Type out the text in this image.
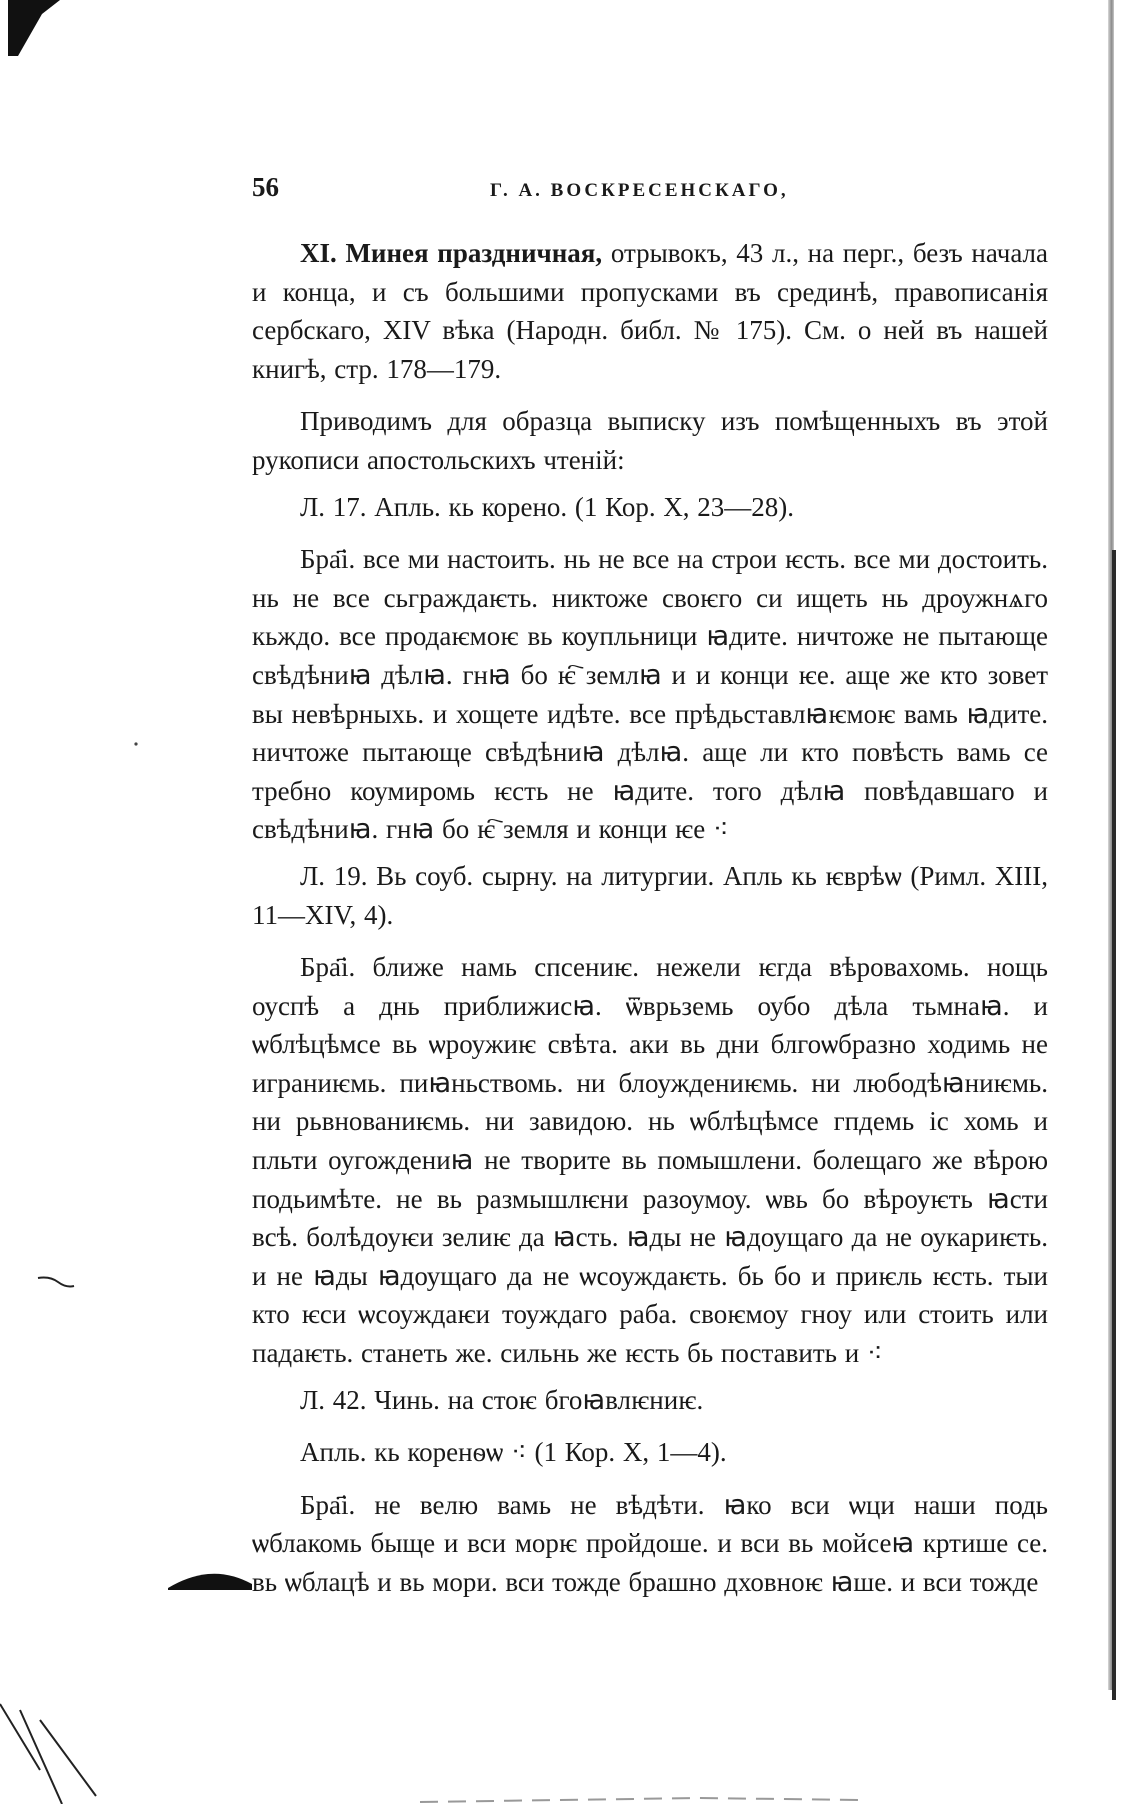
56	Г. А. ВОСКРЕСЕНСКАГО,

XI. Минея праздничная, отрывокъ, 43 л., на перг., безъ начала и конца, и съ большими пропусками въ срединѣ, правописанія сербскаго, XIV вѣка (Народн. библ. № 175). См. о ней въ нашей книгѣ, стр. 178—179.

Приводимъ для образца выписку изъ помѣщенныхъ въ этой рукописи апостольскихъ чтеній:

Л. 17. Апль. кь корено. (1 Кор. X, 23—28).

Бра҃і. все ми настоить. нь не все на строи ѥсть. все ми достоить. нь не все сьграждаѥть. никтоже своѥго си ищеть нь дроужнѧго кьждо. все продаѥмоѥ вь коупльници ꙗдите. ничтоже не пытающе свѣдѣниꙗ дѣлꙗ. гнꙗ бо ѥ҇ землꙗ и и конци ѥе. аще же кто зовет вы невѣрныхь. и хощете идѣте. все прѣдьставлꙗѥмоѥ вамь ꙗдите. ничтоже пытающе свѣдѣниꙗ дѣлꙗ. аще ли кто повѣсть вамь се требно коумиромь ѥсть не ꙗдите. того дѣлꙗ повѣдавшаго и свѣдѣниꙗ. гнꙗ бо ѥ҇ земля и конци ѥе ⁖

Л. 19. Вь соуб. сырну. на литургии. Апль кь ѥврѣѡ (Римл. XIII, 11—XIV, 4).

Бра҃і. ближе намь спсениѥ. нежели ѥгда вѣровахомь. нощь оуспѣ а днь приближисꙗ. ѿврьземь оубо дѣла тьмнаꙗ. и ѡблѣцѣмсе вь ѡроужиѥ свѣта. аки вь дни блгоѡбразно ходимь не играниѥмь. пиꙗньствомь. ни блоуждениѥмь. ни любодѣꙗниѥмь. ни рьвнованиѥмь. ни завидою. нь ѡблѣцѣмсе гпдемь іс хомь и пльти оугождениꙗ не творите вь помышлени. болещаго же вѣрою подьимѣте. не вь размышлѥни разоумоу. ѡвь бо вѣроуѥть ꙗсти всѣ. болѣдоуѥи зелиѥ да ꙗсть. ꙗды не ꙗдоущаго да не оукариѥть. и не ꙗды ꙗдоущаго да не ѡсоуждаѥть. бь бо и приѥль ѥсть. тыи кто ѥси ѡсоуждаѥи тоуждаго раба. своѥмоу гноу или стоить или падаѥть. станеть же. сильнь же ѥсть бь поставить и ⁖

Л. 42. Чинь. на стоѥ бгоꙗвлѥниѥ.

Апль. кь коренѳѡ ⁖ (1 Кор. X, 1—4).

Бра҃і. не велю вамь не вѣдѣти. ꙗко вси ѡци наши подь ѡблакомь быще и вси морѥ пройдоше. и вси вь мойсеꙗ кртише се. вь ѡблацѣ и вь мори. вси тожде брашно дховноѥ ꙗше. и вси тожде
